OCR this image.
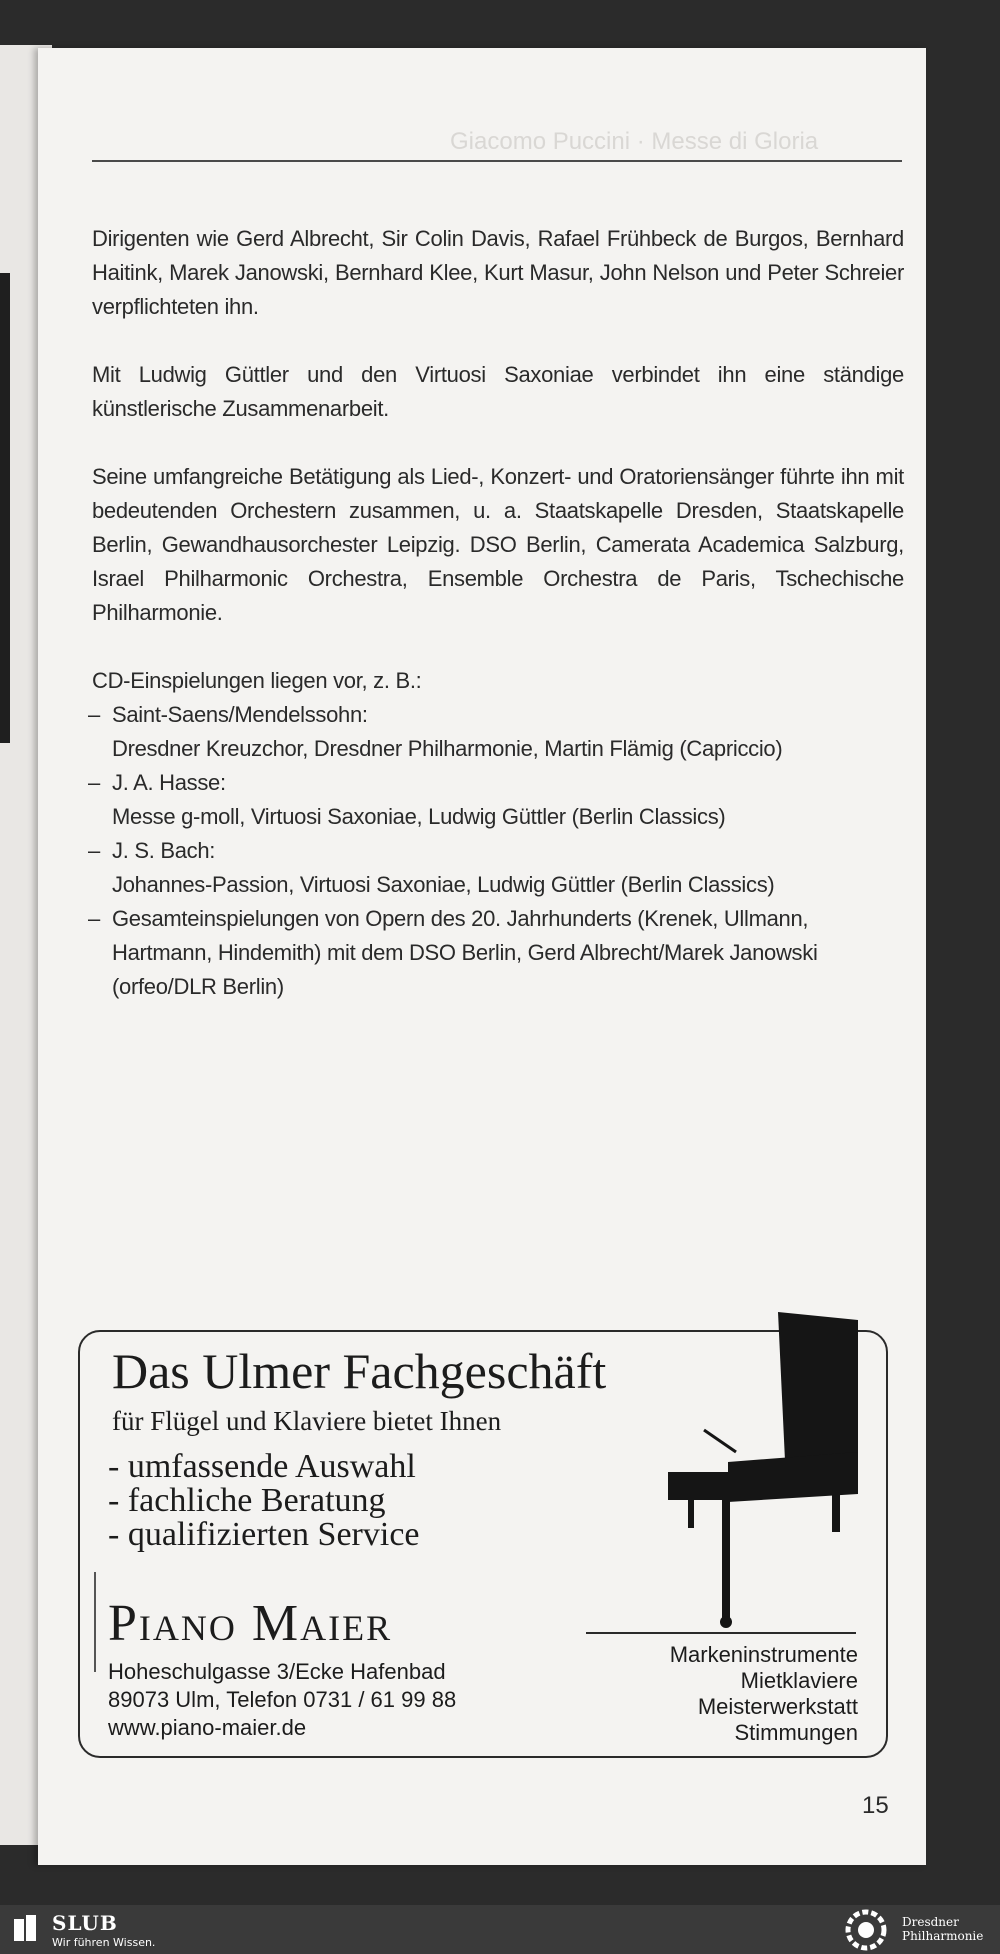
Giacomo Puccini · Messe di Gloria

Dirigenten wie Gerd Albrecht, Sir Colin Davis, Rafael Frühbeck de Burgos, Bernhard Haitink, Marek Janowski, Bernhard Klee, Kurt Masur, John Nelson und Peter Schreier verpflichteten ihn.

Mit Ludwig Güttler und den Virtuosi Saxoniae verbindet ihn eine ständige künstlerische Zusammenarbeit.

Seine umfangreiche Betätigung als Lied-, Konzert- und Oratoriensänger führte ihn mit bedeutenden Orchestern zusammen, u. a. Staatskapelle Dresden, Staatskapelle Berlin, Gewandhausorchester Leipzig. DSO Berlin, Camerata Academica Salzburg, Israel Philharmonic Orchestra, Ensemble Orchestra de Paris, Tschechische Philharmonie.

CD-Einspielungen liegen vor, z. B.:
– Saint-Saens/Mendelssohn:
Dresdner Kreuzchor, Dresdner Philharmonie, Martin Flämig (Capriccio)
– J. A. Hasse:
Messe g-moll, Virtuosi Saxoniae, Ludwig Güttler (Berlin Classics)
– J. S. Bach:
Johannes-Passion, Virtuosi Saxoniae, Ludwig Güttler (Berlin Classics)
– Gesamteinspielungen von Opern des 20. Jahrhunderts (Krenek, Ullmann, Hartmann, Hindemith) mit dem DSO Berlin, Gerd Albrecht/Marek Janowski (orfeo/DLR Berlin)
Das Ulmer Fachgeschäft
für Flügel und Klaviere bietet Ihnen
- umfassende Auswahl
- fachliche Beratung
- qualifizierten Service
Piano Maier
Hoheschulgasse 3/Ecke Hafenbad
89073 Ulm, Telefon 0731 / 61 99 88
www.piano-maier.de
Markeninstrumente
Mietklaviere
Meisterwerkstatt
Stimmungen
15
SLUB
Wir führen Wissen.
Dresdner
Philharmonie
